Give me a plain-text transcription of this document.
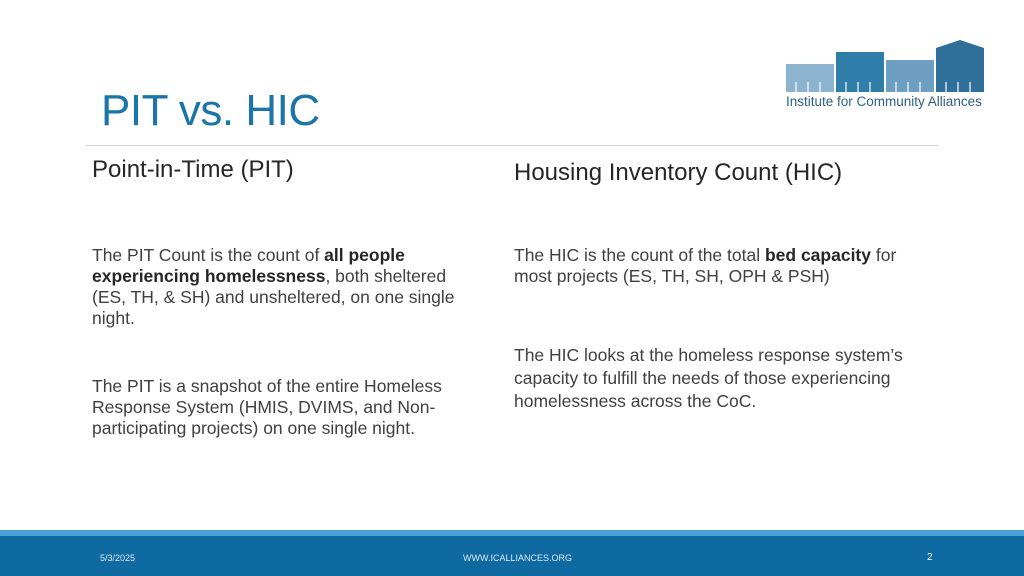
PIT vs. HIC	Institute for Community Alliances
Point-in-Time (PIT)	Housing Inventory Count (HIC)

The PIT Count is the count of all people experiencing homelessness, both sheltered (ES, TH, & SH) and unsheltered, on one single night.

The PIT is a snapshot of the entire Homeless Response System (HMIS, DVIMS, and Non-participating projects) on one single night.

The HIC is the count of the total bed capacity for most projects (ES, TH, SH, OPH & PSH)

The HIC looks at the homeless response system’s capacity to fulfill the needs of those experiencing homelessness across the CoC.

5/3/2025	WWW.ICALLIANCES.ORG	2
